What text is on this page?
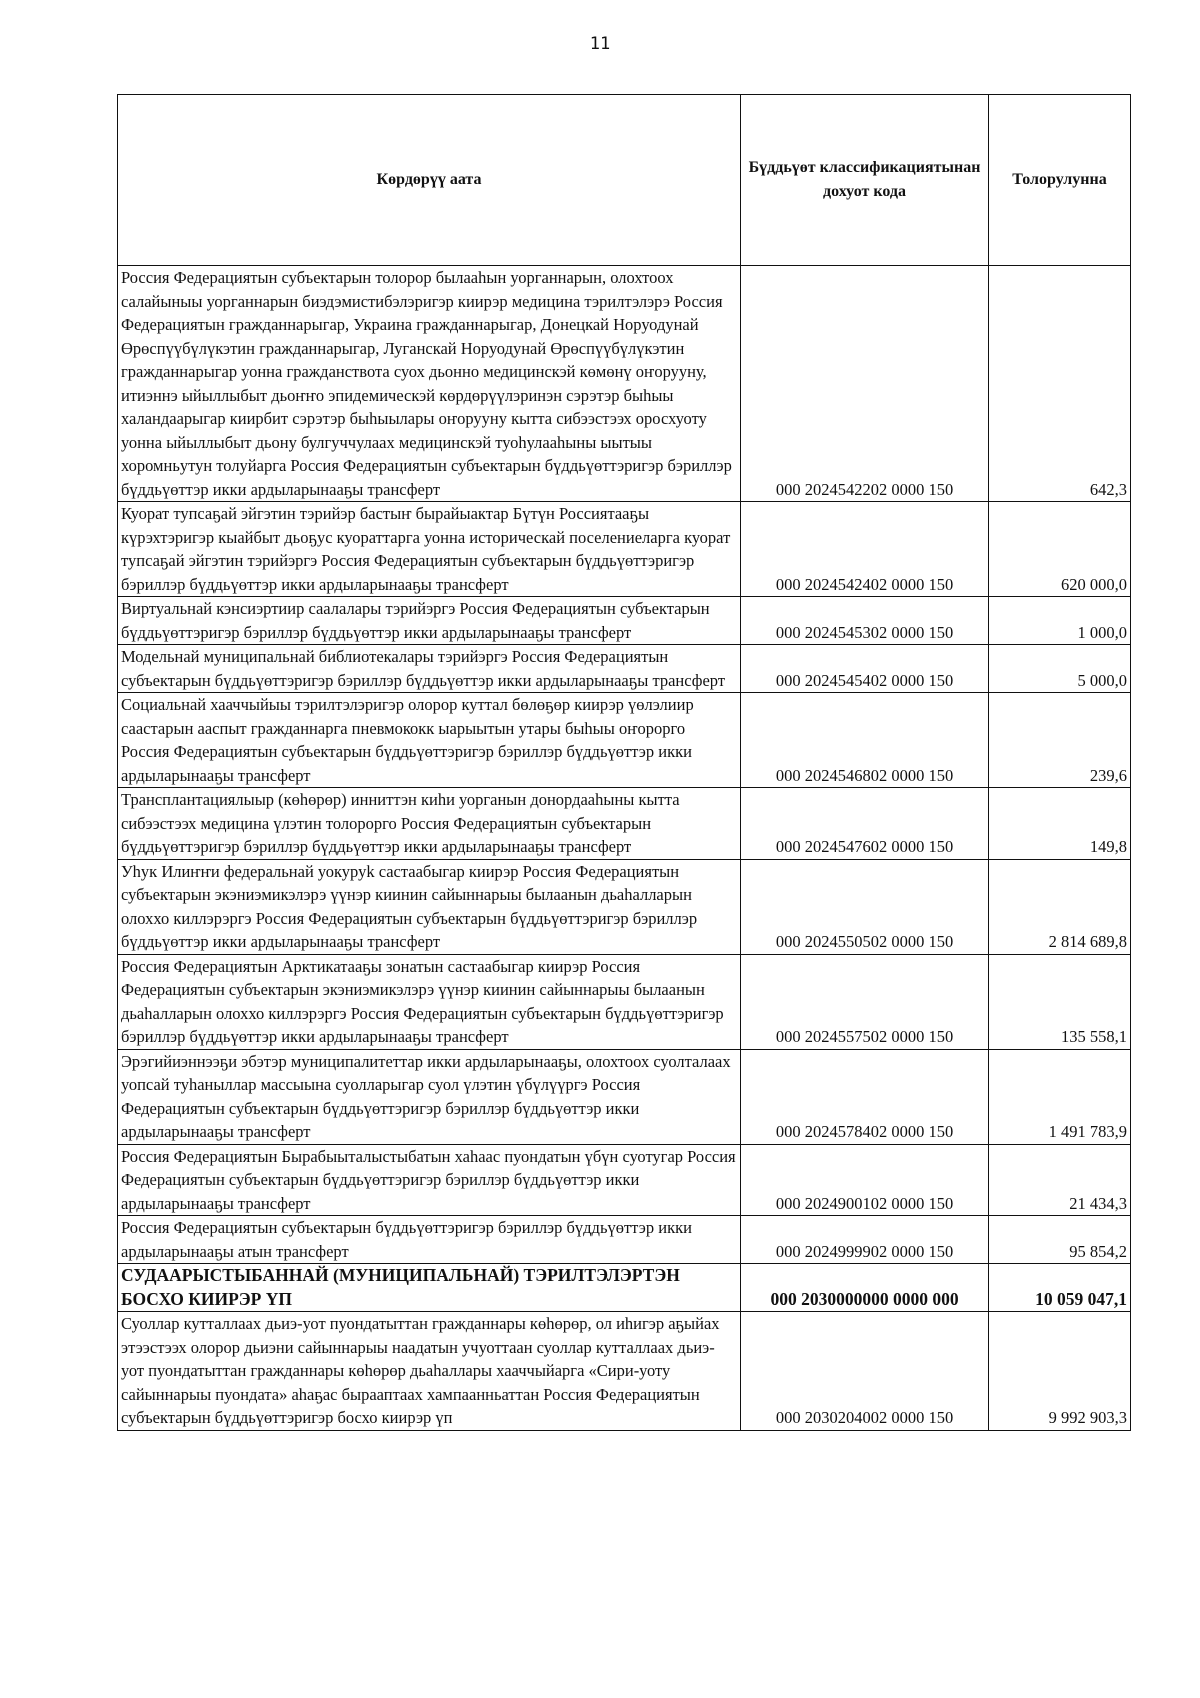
11
Көрдөрүү аата	Бүддьүөт классификациятынан дохуот кода	Толорулунна
Россия Федерациятын субъектарын толорор былааһын уорганнарын, олохтоох салайыныы уорганнарын биэдэмистибэлэригэр киирэр медицина тэрилтэлэрэ Россия Федерациятын гражданнарыгар, Украина гражданнарыгар, Донецкай Норуодунай Өрөспүүбүлүкэтин гражданнарыгар, Луганскай Норуодунай Өрөспүүбүлүкэтин гражданнарыгар уонна гражданствота суох дьонно медицинскэй көмөнү оҥорууну, итиэннэ ыйыллыбыт дьоҥҥо эпидемическэй көрдөрүүлэринэн сэрэтэр быһыы халандаарыгар киирбит сэрэтэр быһыылары оҥорууну кытта сибээстээх оросхуоту уонна ыйыллыбыт дьону булгуччулаах медицинскэй туоһулааһыны ыытыы хоромньутун толуйарга Россия Федерациятын субъектарын бүддьүөттэригэр бэриллэр бүддьүөттэр икки ардыларынааҕы трансферт	000 2024542202 0000 150	642,3
Куорат тупсаҕай эйгэтин тэрийэр бастыҥ бырайыактар Бүтүн Россиятааҕы күрэхтэригэр кыайбыт дьоҕус куораттарга уонна историческай поселениеларга куорат тупсаҕай эйгэтин тэрийэргэ Россия Федерациятын субъектарын бүддьүөттэригэр бэриллэр бүддьүөттэр икки ардыларынааҕы трансферт	000 2024542402 0000 150	620 000,0
Виртуальнай кэнсиэртиир саалалары тэрийэргэ Россия Федерациятын субъектарын бүддьүөттэригэр бэриллэр бүддьүөттэр икки ардыларынааҕы трансферт	000 2024545302 0000 150	1 000,0
Модельнай муниципальнай библиотекалары тэрийэргэ Россия Федерациятын субъектарын бүддьүөттэригэр бэриллэр бүддьүөттэр икки ардыларынааҕы трансферт	000 2024545402 0000 150	5 000,0
Социальнай хааччыйыы тэрилтэлэригэр олорор куттал бөлөҕөр киирэр үөлэлиир саастарын ааспыт гражданнарга пневмококк ыарыытын утары быһыы оҥорорго Россия Федерациятын субъектарын бүддьүөттэригэр бэриллэр бүддьүөттэр икки ардыларынааҕы трансферт	000 2024546802 0000 150	239,6
Трансплантациялыыр (көһөрөр) инниттэн киһи уорганын донордааһыны кытта сибээстээх медицина үлэтин толорорго Россия Федерациятын субъектарын бүддьүөттэригэр бэриллэр бүддьүөттэр икки ардыларынааҕы трансферт	000 2024547602 0000 150	149,8
Уһук Илиҥҥи федеральнай уокуруk састаабыгар киирэр Россия Федерациятын субъектарын экэниэмикэлэрэ үүнэр киинин сайыннарыы былаанын дьаһалларын олоххо киллэрэргэ Россия Федерациятын субъектарын бүддьүөттэригэр бэриллэр бүддьүөттэр икки ардыларынааҕы трансферт	000 2024550502 0000 150	2 814 689,8
Россия Федерациятын Арктикатааҕы зонатын састаабыгар киирэр Россия Федерациятын субъектарын экэниэмикэлэрэ үүнэр киинин сайыннарыы былаанын дьаһалларын олоххо киллэрэргэ Россия Федерациятын субъектарын бүддьүөттэригэр бэриллэр бүддьүөттэр икки ардыларынааҕы трансферт	000 2024557502 0000 150	135 558,1
Эрэгийиэннээҕи эбэтэр муниципалитеттар икки ардыларынааҕы, олохтоох суолталаах уопсай туһаныллар массыына суолларыгар суол үлэтин үбүлүүргэ Россия Федерациятын субъектарын бүддьүөттэригэр бэриллэр бүддьүөттэр икки ардыларынааҕы трансферт	000 2024578402 0000 150	1 491 783,9
Россия Федерациятын Бырабыыталыстыбатын хаһаас пуондатын үбүн суотугар Россия Федерациятын субъектарын бүддьүөттэригэр бэриллэр бүддьүөттэр икки ардыларынааҕы трансферт	000 2024900102 0000 150	21 434,3
Россия Федерациятын субъектарын бүддьүөттэригэр бэриллэр бүддьүөттэр икки ардыларынааҕы атын трансферт	000 2024999902 0000 150	95 854,2
СУДААРЫСТЫБАННАЙ (МУНИЦИПАЛЬНАЙ) ТЭРИЛТЭЛЭРТЭН БОСХО КИИРЭР ҮП	000 2030000000 0000 000	10 059 047,1
Суоллар кутталлаах дьиэ-уот пуондатыттан гражданнары көһөрөр, ол иһигэр аҕыйах этээстээх олорор дьиэни сайыннарыы наадатын учуоттаан суоллар кутталлаах дьиэ-уот пуондатыттан гражданнары көһөрөр дьаһаллары хааччыйарга «Сири-уоту сайыннарыы пуондата» аһаҕас бырааптаах хампаанньаттан Россия Федерациятын субъектарын бүддьүөттэригэр босхо киирэр үп	000 2030204002 0000 150	9 992 903,3
